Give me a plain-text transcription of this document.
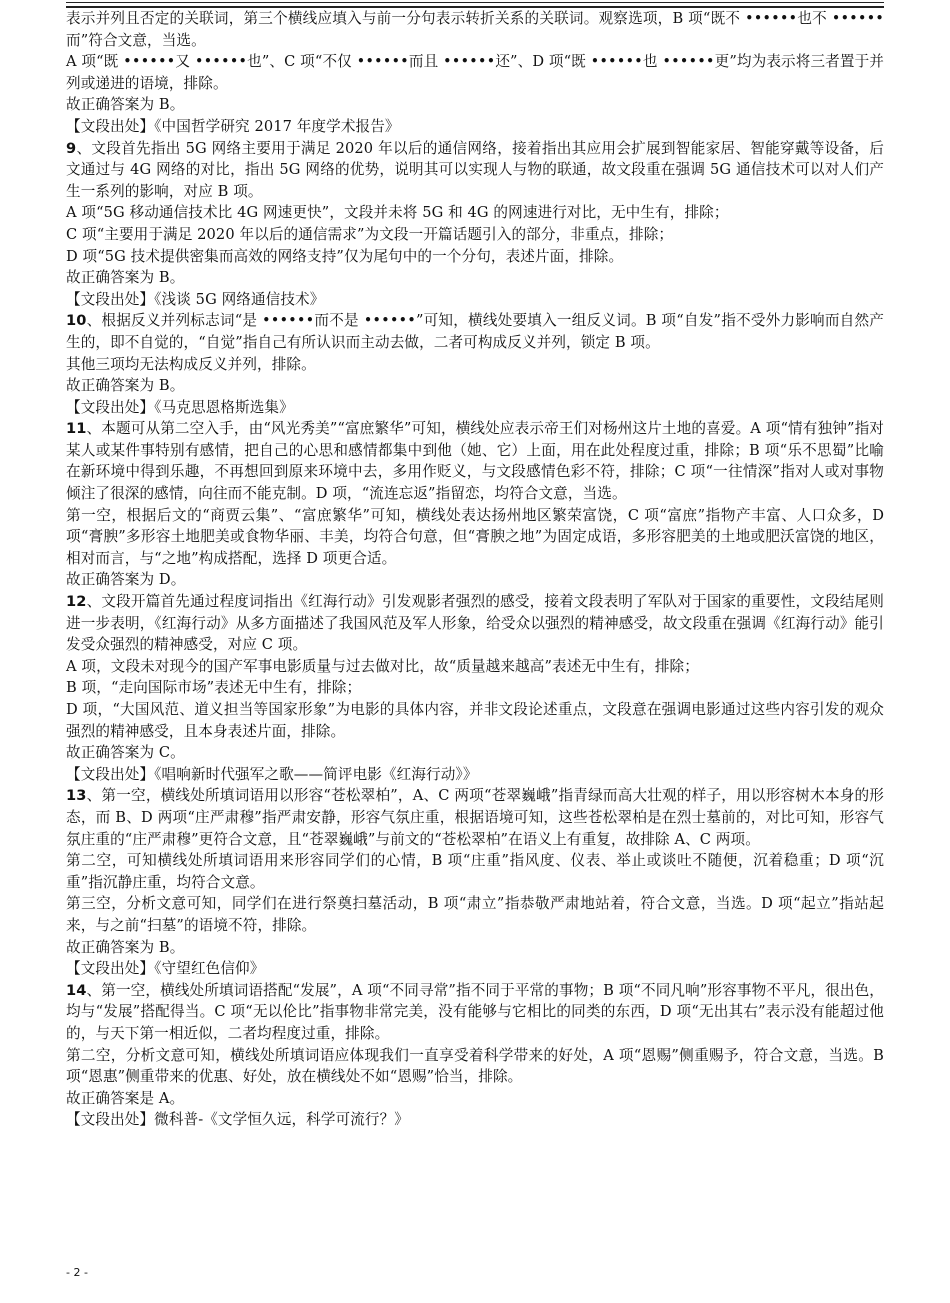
表示并列且否定的关联词，第三个横线应填入与前一分句表示转折关系的关联词。观察选项，B 项“既不 ••••••也不 ••••••而”符合文意，当选。

A 项“既 ••••••又 ••••••也”、C 项“不仅 ••••••而且 ••••••还”、D 项“既 ••••••也 ••••••更”均为表示将三者置于并列或递进的语境，排除。

故正确答案为 B。

【文段出处】《中国哲学研究 2017 年度学术报告》

9、文段首先指出 5G 网络主要用于满足 2020 年以后的通信网络，接着指出其应用会扩展到智能家居、智能穿戴等设备，后文通过与 4G 网络的对比，指出 5G 网络的优势，说明其可以实现人与物的联通，故文段重在强调 5G 通信技术可以对人们产生一系列的影响，对应 B 项。

A 项“5G 移动通信技术比 4G 网速更快”，文段并未将 5G 和 4G 的网速进行对比，无中生有，排除；

C 项“主要用于满足 2020 年以后的通信需求”为文段一开篇话题引入的部分，非重点，排除；

D 项“5G 技术提供密集而高效的网络支持”仅为尾句中的一个分句，表述片面，排除。

故正确答案为 B。

【文段出处】《浅谈 5G 网络通信技术》

10、根据反义并列标志词“是 ••••••而不是 ••••••”可知，横线处要填入一组反义词。B 项“自发”指不受外力影响而自然产生的，即不自觉的，“自觉”指自己有所认识而主动去做，二者可构成反义并列，锁定 B 项。

其他三项均无法构成反义并列，排除。

故正确答案为 B。

【文段出处】《马克思恩格斯选集》

11、本题可从第二空入手，由“风光秀美”“富庶繁华”可知，横线处应表示帝王们对杨州这片土地的喜爱。A 项“情有独钟”指对某人或某件事特别有感情，把自己的心思和感情都集中到他（她、它）上面，用在此处程度过重，排除；B 项“乐不思蜀”比喻在新环境中得到乐趣，不再想回到原来环境中去，多用作贬义，与文段感情色彩不符，排除；C 项“一往情深”指对人或对事物倾注了很深的感情，向往而不能克制。D 项，“流连忘返”指留恋，均符合文意，当选。

第一空，根据后文的“商贾云集”、“富庶繁华”可知，横线处表达扬州地区繁荣富饶，C 项“富庶”指物产丰富、人口众多，D 项“膏腴”多形容土地肥美或食物华丽、丰美，均符合句意，但“膏腴之地”为固定成语，多形容肥美的土地或肥沃富饶的地区，相对而言，与“之地”构成搭配，选择 D 项更合适。

故正确答案为 D。

12、文段开篇首先通过程度词指出《红海行动》引发观影者强烈的感受，接着文段表明了军队对于国家的重要性，文段结尾则进一步表明，《红海行动》从多方面描述了我国风范及军人形象，给受众以强烈的精神感受，故文段重在强调《红海行动》能引发受众强烈的精神感受，对应 C 项。

A 项，文段未对现今的国产军事电影质量与过去做对比，故“质量越来越高”表述无中生有，排除；

B 项，“走向国际市场”表述无中生有，排除；

D 项，“大国风范、道义担当等国家形象”为电影的具体内容，并非文段论述重点，文段意在强调电影通过这些内容引发的观众强烈的精神感受，且本身表述片面，排除。

故正确答案为 C。

【文段出处】《唱响新时代强军之歌——简评电影《红海行动》》

13、第一空，横线处所填词语用以形容“苍松翠柏”，A、C 两项“苍翠巍峨”指青绿而高大壮观的样子，用以形容树木本身的形态，而 B、D 两项“庄严肃穆”指严肃安静，形容气氛庄重，根据语境可知，这些苍松翠柏是在烈士墓前的，对比可知，形容气氛庄重的“庄严肃穆”更符合文意，且“苍翠巍峨”与前文的“苍松翠柏”在语义上有重复，故排除 A、C 两项。

第二空，可知横线处所填词语用来形容同学们的心情，B 项“庄重”指风度、仪表、举止或谈吐不随便，沉着稳重；D 项“沉重”指沉静庄重，均符合文意。

第三空，分析文意可知，同学们在进行祭奠扫墓活动，B 项“肃立”指恭敬严肃地站着，符合文意，当选。D 项“起立”指站起来，与之前“扫墓”的语境不符，排除。

故正确答案为 B。

【文段出处】《守望红色信仰》

14、第一空，横线处所填词语搭配“发展”，A 项“不同寻常”指不同于平常的事物；B 项“不同凡响”形容事物不平凡，很出色，均与“发展”搭配得当。C 项“无以伦比”指事物非常完美，没有能够与它相比的同类的东西，D 项“无出其右”表示没有能超过他的，与天下第一相近似，二者均程度过重，排除。

第二空，分析文意可知，横线处所填词语应体现我们一直享受着科学带来的好处，A 项“恩赐”侧重赐予，符合文意，当选。B 项“恩惠”侧重带来的优惠、好处，放在横线处不如“恩赐”恰当，排除。

故正确答案是 A。

【文段出处】微科普-《文学恒久远，科学可流行？》

- 2 -
